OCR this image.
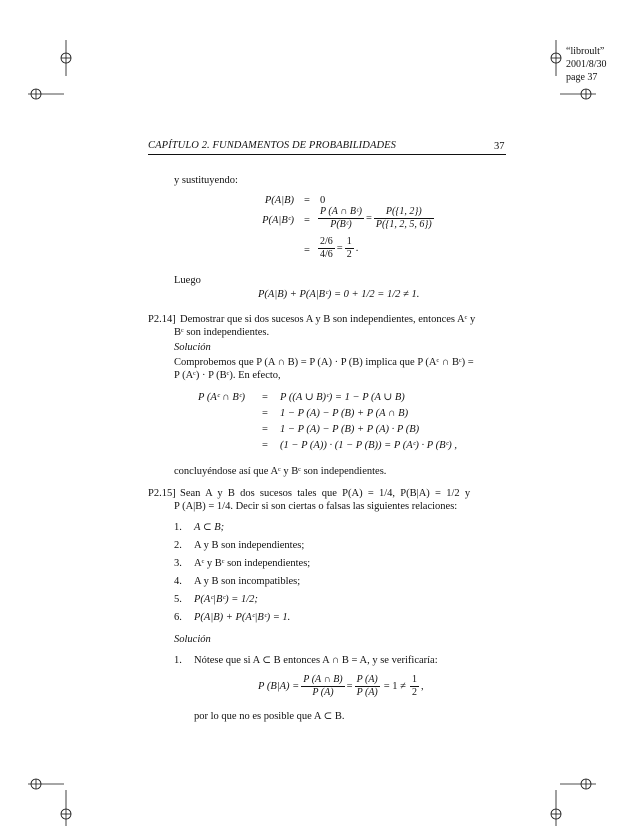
“libroult”
2001/8/30
page 37
CAPÍTULO 2. FUNDAMENTOS DE PROBABILIDADES	37
y sustituyendo:
P(A|B) = 0
P(A|Bᶜ) = $\frac{\text{P (A ∩ Bᶜ)}}{\text{P(Bᶜ)}} = \frac{P(\{1, 2\})}{P(\{1, 2, 5, 6\})}$
= $\frac{2/6}{4/6} = \frac{1}{2}$ .
Luego
P(A|B) + P(A|Bᶜ) = 0 + 1/2 = 1/2 ≠ 1.
P2.14] Demostrar que si dos sucesos A y B son independientes, entonces Aᶜ y
Bᶜ son independientes.
Solución
Comprobemos que P (A ∩ B) = P (A) · P (B) implica que P (Aᶜ ∩ Bᶜ) =
P (Aᶜ) · P (Bᶜ). En efecto,
P (Aᶜ ∩ Bᶜ) = P ((A ∪ B)ᶜ) = 1 − P (A ∪ B)
= 1 − P (A) − P (B) + P (A ∩ B)
= 1 − P (A) − P (B) + P (A) · P (B)
= (1 − P (A)) · (1 − P (B)) = P (Aᶜ) · P (Bᶜ) ,
concluyéndose así que Aᶜ y Bᶜ son independientes.
P2.15] Sean  A  y  B  dos  sucesos  tales  que  P(A)  =  1/4,  P(B|A)  =  1/2  y
P (A|B) = 1/4. Decir si son ciertas o falsas las siguientes relaciones:
1. A ⊂ B;
2. A y B son independientes;
3. Aᶜ y Bᶜ son independientes;
4. A y B son incompatibles;
5. P(Aᶜ|Bᶜ) = 1/2;
6. P(A|B) + P(Aᶜ|Bᶜ) = 1.
Solución
1. Nótese que si A ⊂ B entonces A ∩ B = A, y se verificaría:
P $(B|A) = \frac{P (A \cap B)}{P (A)} = \frac{P (A)}{P (A)} = 1 \ne \frac{1}{2}$ ,
por lo que no es posible que A ⊂ B.
